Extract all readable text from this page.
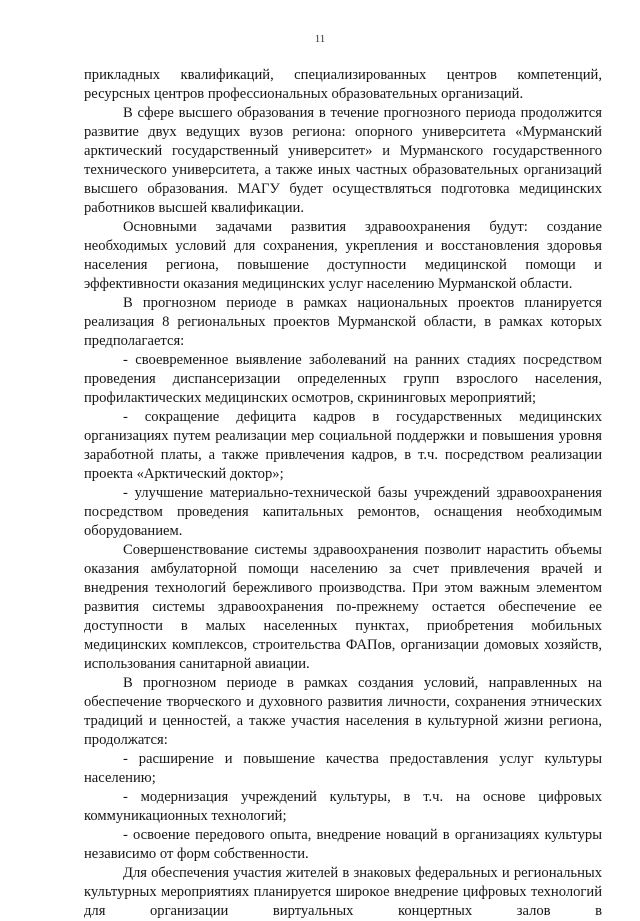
11

прикладных квалификаций, специализированных центров компетенций, ресурсных центров профессиональных образовательных организаций.

В сфере высшего образования в течение прогнозного периода продолжится развитие двух ведущих вузов региона: опорного университета «Мурманский арктический государственный университет» и Мурманского государственного технического университета, а также иных частных образовательных организаций высшего образования. МАГУ будет осуществляться подготовка медицинских работников высшей квалификации.

Основными задачами развития здравоохранения будут: создание необходимых условий для сохранения, укрепления и восстановления здоровья населения региона, повышение доступности медицинской помощи и эффективности оказания медицинских услуг населению Мурманской области.

В прогнозном периоде в рамках национальных проектов планируется реализация 8 региональных проектов Мурманской области, в рамках которых предполагается:

- своевременное выявление заболеваний на ранних стадиях посредством проведения диспансеризации определенных групп взрослого населения, профилактических медицинских осмотров, скрининговых мероприятий;

- сокращение дефицита кадров в государственных медицинских организациях путем реализации мер социальной поддержки и повышения уровня заработной платы, а также привлечения кадров, в т.ч. посредством реализации проекта «Арктический доктор»;

- улучшение материально-технической базы учреждений здравоохранения посредством проведения капитальных ремонтов, оснащения необходимым оборудованием.

Совершенствование системы здравоохранения позволит нарастить объемы оказания амбулаторной помощи населению за счет привлечения врачей и внедрения технологий бережливого производства. При этом важным элементом развития системы здравоохранения по-прежнему остается обеспечение ее доступности в малых населенных пунктах, приобретения мобильных медицинских комплексов, строительства ФАПов, организации домовых хозяйств, использования санитарной авиации.

В прогнозном периоде в рамках создания условий, направленных на обеспечение творческого и духовного развития личности, сохранения этнических традиций и ценностей, а также участия населения в культурной жизни региона, продолжатся:

- расширение и повышение качества предоставления услуг культуры населению;

- модернизация учреждений культуры, в т.ч. на основе цифровых коммуникационных технологий;

- освоение передового опыта, внедрение новаций в организациях культуры независимо от форм собственности.

Для обеспечения участия жителей в знаковых федеральных и региональных культурных мероприятиях планируется широкое внедрение цифровых технологий для организации виртуальных концертных залов в
